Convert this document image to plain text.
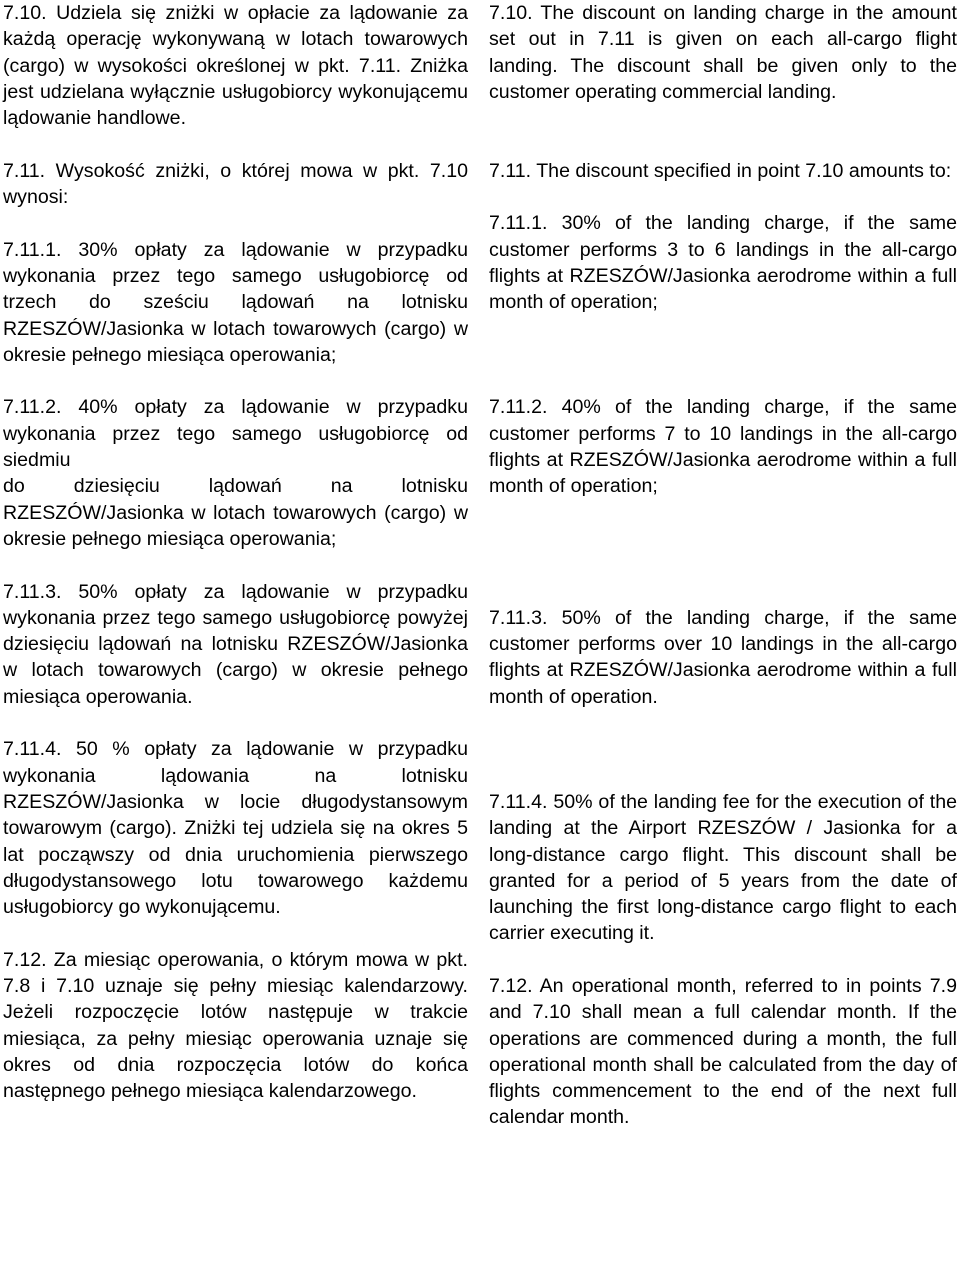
7.10. Udziela się zniżki w opłacie za lądowanie za każdą operację wykonywaną w lotach towarowych (cargo) w wysokości określonej w pkt. 7.11. Zniżka jest udzielana wyłącznie usługobiorcy wykonującemu lądowanie handlowe.

7.11. Wysokość zniżki, o której mowa w pkt. 7.10 wynosi:

7.11.1. 30% opłaty za lądowanie w przypadku wykonania przez tego samego usługobiorcę od trzech do sześciu lądowań na lotnisku RZESZÓW/Jasionka w lotach towarowych (cargo) w okresie pełnego miesiąca operowania;

7.11.2. 40% opłaty za lądowanie w przypadku wykonania przez tego samego usługobiorcę od siedmiu
do dziesięciu lądowań na lotnisku RZESZÓW/Jasionka w lotach towarowych (cargo) w okresie pełnego miesiąca operowania;

7.11.3. 50% opłaty za lądowanie w przypadku wykonania przez tego samego usługobiorcę powyżej dziesięciu lądowań na lotnisku RZESZÓW/Jasionka w lotach towarowych (cargo) w okresie pełnego miesiąca operowania.

7.11.4. 50 % opłaty za lądowanie w przypadku wykonania lądowania na lotnisku RZESZÓW/Jasionka w locie długodystansowym towarowym (cargo). Zniżki tej udziela się na okres 5 lat począwszy od dnia uruchomienia pierwszego długodystansowego lotu towarowego każdemu usługobiorcy go wykonującemu.

7.12. Za miesiąc operowania, o którym mowa w pkt. 7.8 i 7.10 uznaje się pełny miesiąc kalendarzowy. Jeżeli rozpoczęcie lotów następuje w trakcie miesiąca, za pełny miesiąc operowania uznaje się okres od dnia rozpoczęcia lotów do końca następnego pełnego miesiąca kalendarzowego.

7.10. The discount on landing charge in the amount set out in 7.11 is given on each all-cargo flight landing. The discount shall be given only to the customer operating commercial landing.

7.11. The discount specified in point 7.10 amounts to:

7.11.1. 30% of the landing charge, if the same customer performs 3 to 6 landings in the all-cargo flights at RZESZÓW/Jasionka aerodrome within a full month of operation;

7.11.2. 40% of the landing charge, if the same customer performs 7 to 10 landings in the all-cargo flights at RZESZÓW/Jasionka aerodrome within a full month of operation;

7.11.3. 50% of the landing charge, if the same customer performs over 10 landings in the all-cargo flights at RZESZÓW/Jasionka aerodrome within a full month of operation.

7.11.4. 50% of the landing fee for the execution of the landing at the Airport RZESZÓW / Jasionka for a long-distance cargo flight. This discount shall be granted for a period of 5 years from the date of launching the first long-distance cargo flight to each carrier executing it.

7.12. An operational month, referred to in points 7.9 and 7.10 shall mean a full calendar month. If the operations are commenced during a month, the full operational month shall be calculated from the day of flights commencement to the end of the next full calendar month.
